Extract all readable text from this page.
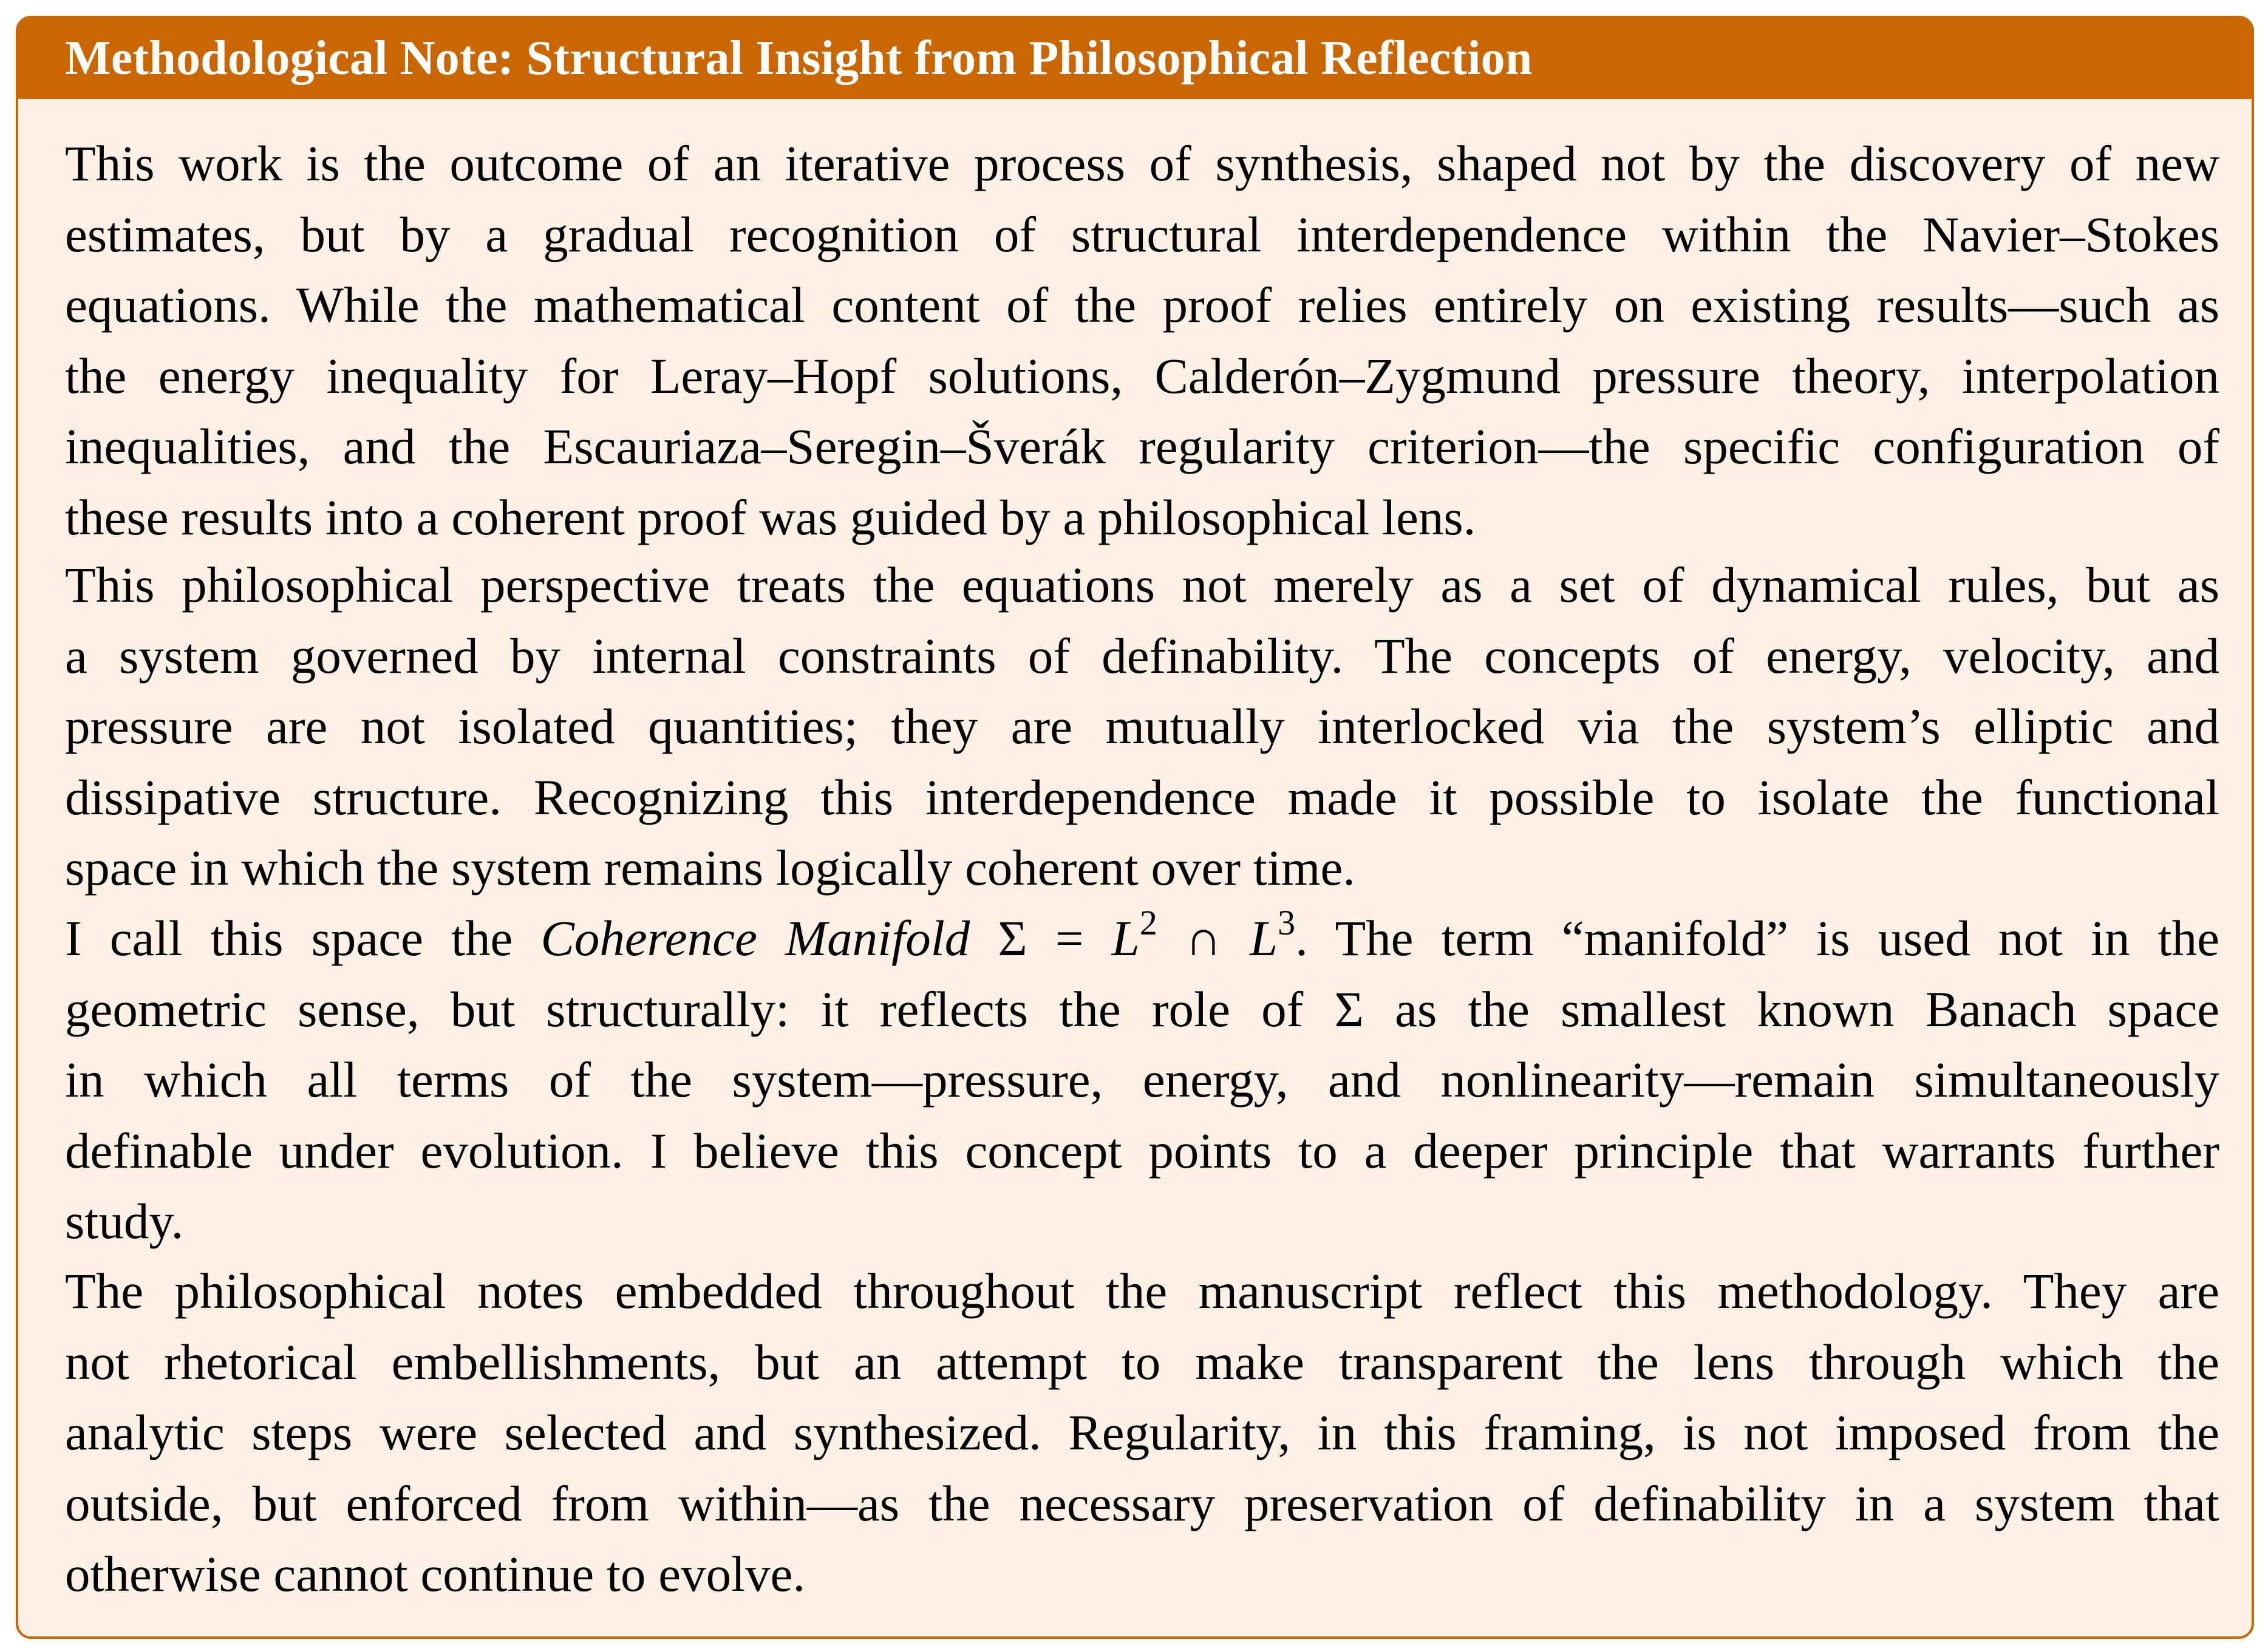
Methodological Note: Structural Insight from Philosophical Reflection
This work is the outcome of an iterative process of synthesis, shaped not by the discovery of new
estimates, but by a gradual recognition of structural interdependence within the Navier–Stokes
equations. While the mathematical content of the proof relies entirely on existing results—such as
the energy inequality for Leray–Hopf solutions, Calderón–Zygmund pressure theory, interpolation
inequalities, and the Escauriaza–Seregin–Šverák regularity criterion—the specific configuration of
these results into a coherent proof was guided by a philosophical lens.
This philosophical perspective treats the equations not merely as a set of dynamical rules, but as
a system governed by internal constraints of definability. The concepts of energy, velocity, and
pressure are not isolated quantities; they are mutually interlocked via the system’s elliptic and
dissipative structure. Recognizing this interdependence made it possible to isolate the functional
space in which the system remains logically coherent over time.
I call this space the Coherence Manifold $\Sigma = L^2$ ∩ $L^3$. The term “manifold” is used not in the
geometric sense, but structurally: it reflects the role of Σ as the smallest known Banach space
in which all terms of the system—pressure, energy, and nonlinearity—remain simultaneously
definable under evolution. I believe this concept points to a deeper principle that warrants further
study.
The philosophical notes embedded throughout the manuscript reflect this methodology. They are
not rhetorical embellishments, but an attempt to make transparent the lens through which the
analytic steps were selected and synthesized. Regularity, in this framing, is not imposed from the
outside, but enforced from within—as the necessary preservation of definability in a system that
otherwise cannot continue to evolve.
